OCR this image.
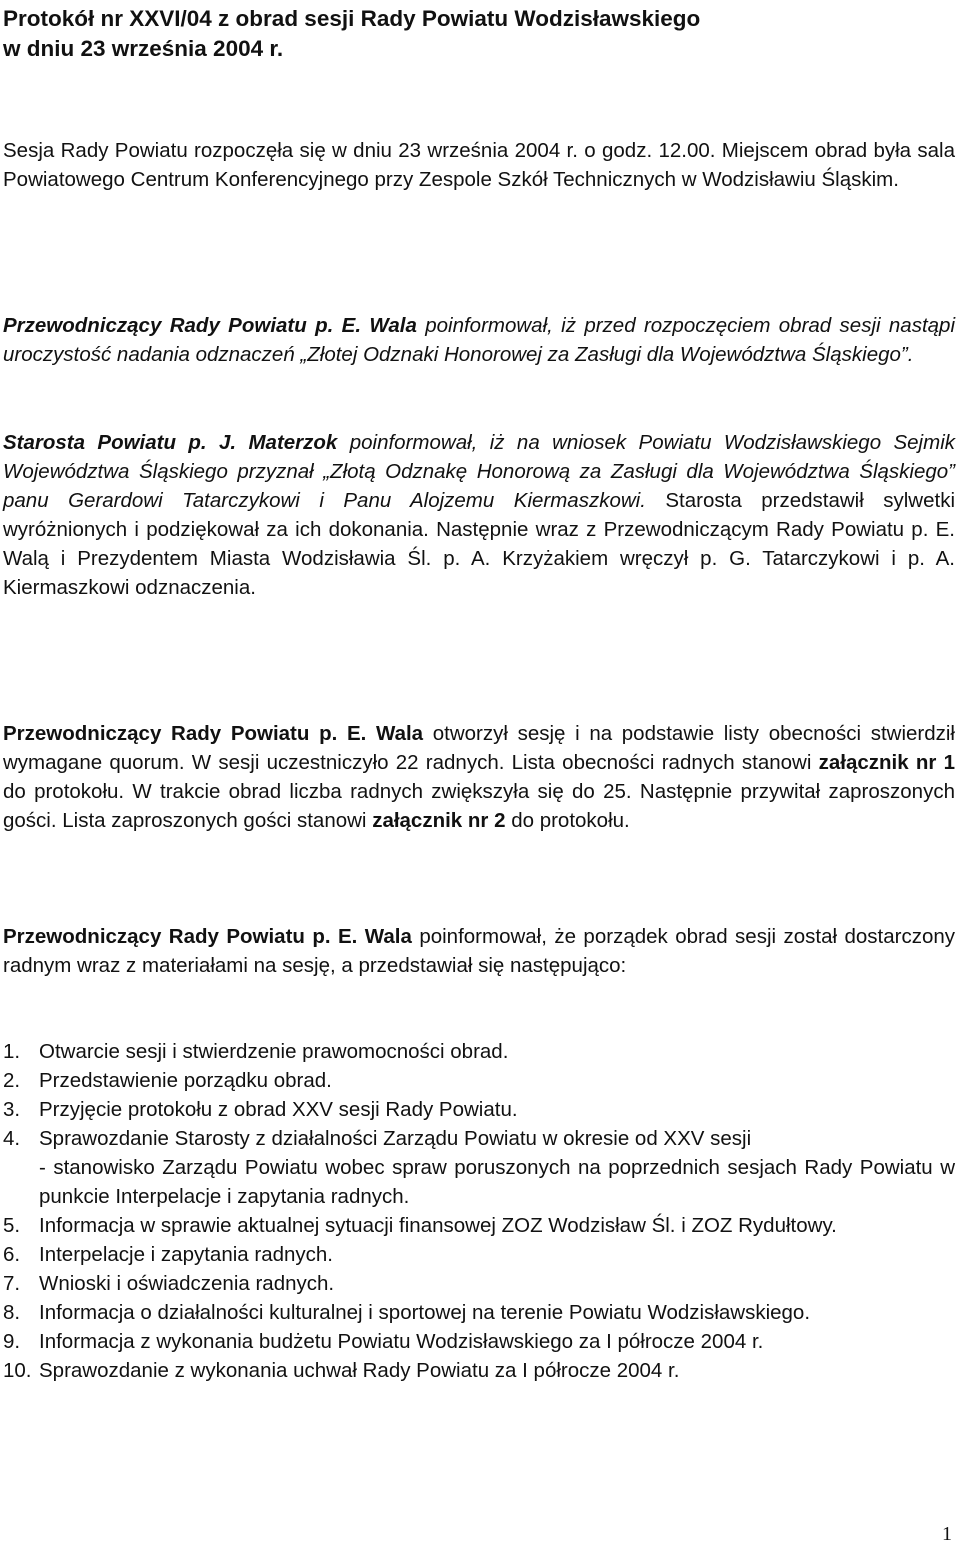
Protokół nr XXVI/04 z obrad sesji Rady Powiatu Wodzisławskiego
w dniu 23 września 2004 r.
Sesja Rady Powiatu rozpoczęła się w dniu 23 września 2004 r. o godz. 12.00. Miejscem obrad była sala Powiatowego Centrum Konferencyjnego przy Zespole Szkół Technicznych w Wodzisławiu Śląskim.
Przewodniczący Rady Powiatu p. E. Wala poinformował, iż przed rozpoczęciem obrad sesji nastąpi uroczystość nadania odznaczeń „Złotej Odznaki Honorowej za Zasługi dla Województwa Śląskiego”.
Starosta Powiatu p. J. Materzok poinformował, iż na wniosek Powiatu Wodzisławskiego Sejmik Województwa Śląskiego przyznał „Złotą Odznakę Honorową za Zasługi dla Województwa Śląskiego” panu Gerardowi Tatarczykowi i Panu Alojzemu Kiermaszkowi. Starosta przedstawił sylwetki wyróżnionych i podziękował za ich dokonania. Następnie wraz z Przewodniczącym Rady Powiatu p. E. Walą i Prezydentem Miasta Wodzisławia Śl. p. A. Krzyżakiem wręczył p. G. Tatarczykowi i p. A. Kiermaszkowi odznaczenia.
Przewodniczący Rady Powiatu p. E. Wala otworzył sesję i na podstawie listy obecności stwierdził wymagane quorum. W sesji uczestniczyło 22 radnych. Lista obecności radnych stanowi załącznik nr 1 do protokołu. W trakcie obrad liczba radnych zwiększyła się do 25. Następnie przywitał zaproszonych gości. Lista zaproszonych gości stanowi załącznik nr 2 do protokołu.
Przewodniczący Rady Powiatu p. E. Wala poinformował, że porządek obrad sesji został dostarczony radnym wraz z materiałami na sesję, a przedstawiał się następująco:
1. Otwarcie sesji i stwierdzenie prawomocności obrad.
2. Przedstawienie porządku obrad.
3. Przyjęcie protokołu z obrad XXV sesji Rady Powiatu.
4. Sprawozdanie Starosty z działalności Zarządu Powiatu w okresie od XXV sesji
- stanowisko Zarządu Powiatu wobec spraw poruszonych na poprzednich sesjach Rady Powiatu w punkcie Interpelacje i zapytania radnych.
5. Informacja w sprawie aktualnej sytuacji finansowej ZOZ Wodzisław Śl. i ZOZ Rydułtowy.
6. Interpelacje i zapytania radnych.
7. Wnioski i oświadczenia radnych.
8. Informacja o działalności kulturalnej i sportowej na terenie Powiatu Wodzisławskiego.
9. Informacja z wykonania budżetu Powiatu Wodzisławskiego za I półrocze 2004 r.
10. Sprawozdanie z wykonania uchwał Rady Powiatu za I półrocze 2004 r.
1
